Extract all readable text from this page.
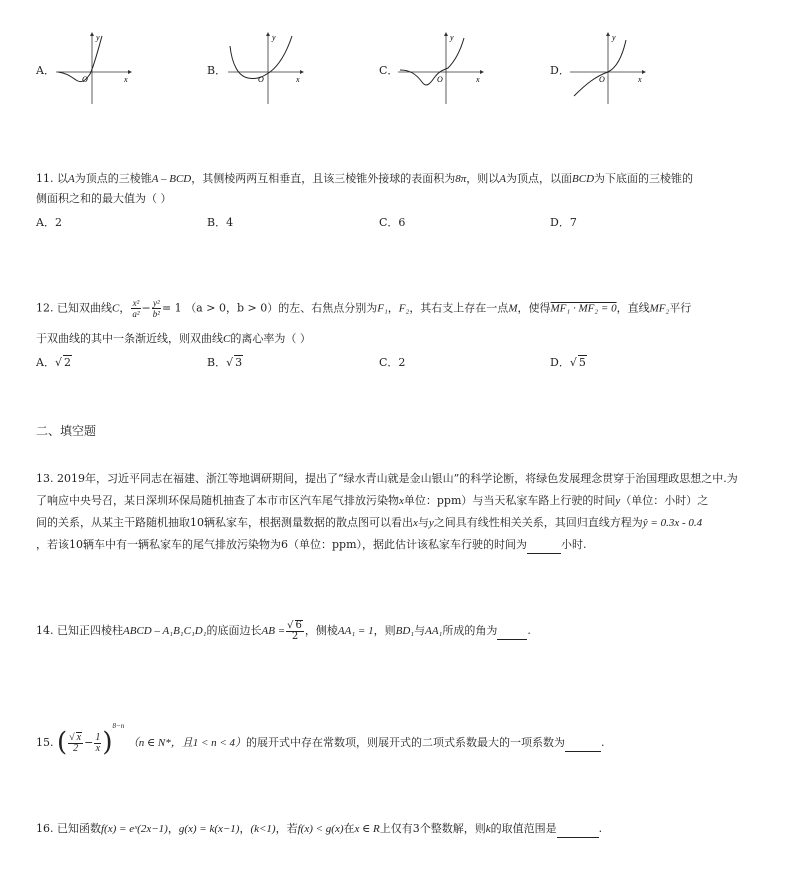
A．
y
x
O
B．
y
x
O
C．
y
x
O
D．
y
x
O
11. 以A为顶点的三棱锥A – BCD，其侧棱两两互相垂直，且该三棱锥外接球的表面积为8π，则以A为顶点，以面BCD为下底面的三棱锥的
侧面积之和的最大值为（ ）
A．2	B．4	C．6	D．7
12. 已知双曲线C， $\frac{\text{x²}}{\text{a²}} - \frac{\text{y²}}{\text{b²}} = 1$ （a > 0，b > 0）的左、右焦点分别为F₁，F₂，其右支上存在一点M，使得MF₁ · MF₂ = 0，直线MF₂平行
于双曲线的其中一条渐近线，则双曲线C的离心率为（ ）
A．√ 2	B．√ 3	C．2	D．√ 5
二、填空题
13. 2019年，习近平同志在福建、浙江等地调研期间，提出了“绿水青山就是金山银山”的科学论断，将绿色发展理念贯穿于治国理政思想之中.为
了响应中央号召，某日深圳环保局随机抽查了本市市区汽车尾气排放污染物x单位：ppm）与当天私家车路上行驶的时间y（单位：小时）之
间的关系，从某主干路随机抽取10辆私家车，根据测量数据的散点图可以看出x与y之间具有线性相关关系，其回归直线方程为ŷ = 0.3x - 0.4
，若该10辆车中有一辆私家车的尾气排放污染物为6（单位：ppm），据此估计该私家车行驶的时间为	小时.
14. 已知正四棱柱ABCD – A₁B₁C₁D₁的底面边长AB = $\frac{√ 6}{2}$ ，侧棱AA₁ = 1，则BD₁与AA₁所成的角为	.
15. ( $\frac{√ x}{2} - \frac{1}{x} )^{8-n}$ （n ∈ N*，且1 < n < 4）的展开式中存在常数项，则展开式的二项式系数最大的一项系数为	.
16. 已知函数f(x) = eˣ(2x−1)，g(x) = k(x−1)，(k<1)，若f(x) < g(x)在x ∈ R上仅有3个整数解，则k的取值范围是	.
